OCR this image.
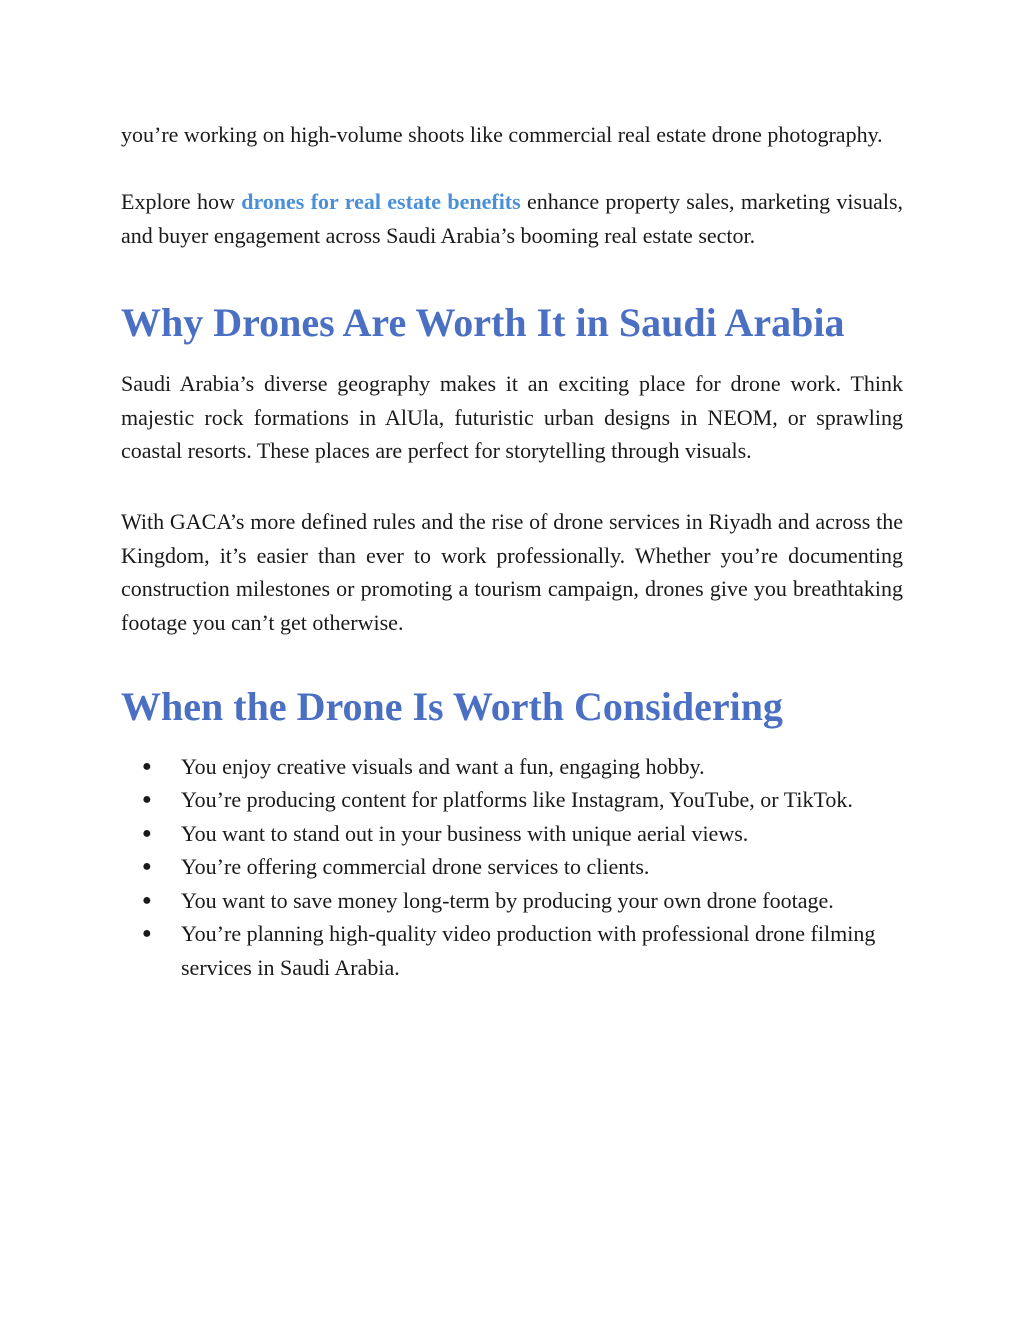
you’re working on high-volume shoots like commercial real estate drone photography.

Explore how drones for real estate benefits enhance property sales, marketing visuals, and buyer engagement across Saudi Arabia’s booming real estate sector.

Why Drones Are Worth It in Saudi Arabia

Saudi Arabia’s diverse geography makes it an exciting place for drone work. Think majestic rock formations in AlUla, futuristic urban designs in NEOM, or sprawling coastal resorts. These places are perfect for storytelling through visuals.

With GACA’s more defined rules and the rise of drone services in Riyadh and across the Kingdom, it’s easier than ever to work professionally. Whether you’re documenting construction milestones or promoting a tourism campaign, drones give you breathtaking footage you can’t get otherwise.

When the Drone Is Worth Considering
● You enjoy creative visuals and want a fun, engaging hobby.
● You’re producing content for platforms like Instagram, YouTube, or TikTok.
● You want to stand out in your business with unique aerial views.
● You’re offering commercial drone services to clients.
● You want to save money long-term by producing your own drone footage.
● You’re planning high-quality video production with professional drone filming services in Saudi Arabia.
